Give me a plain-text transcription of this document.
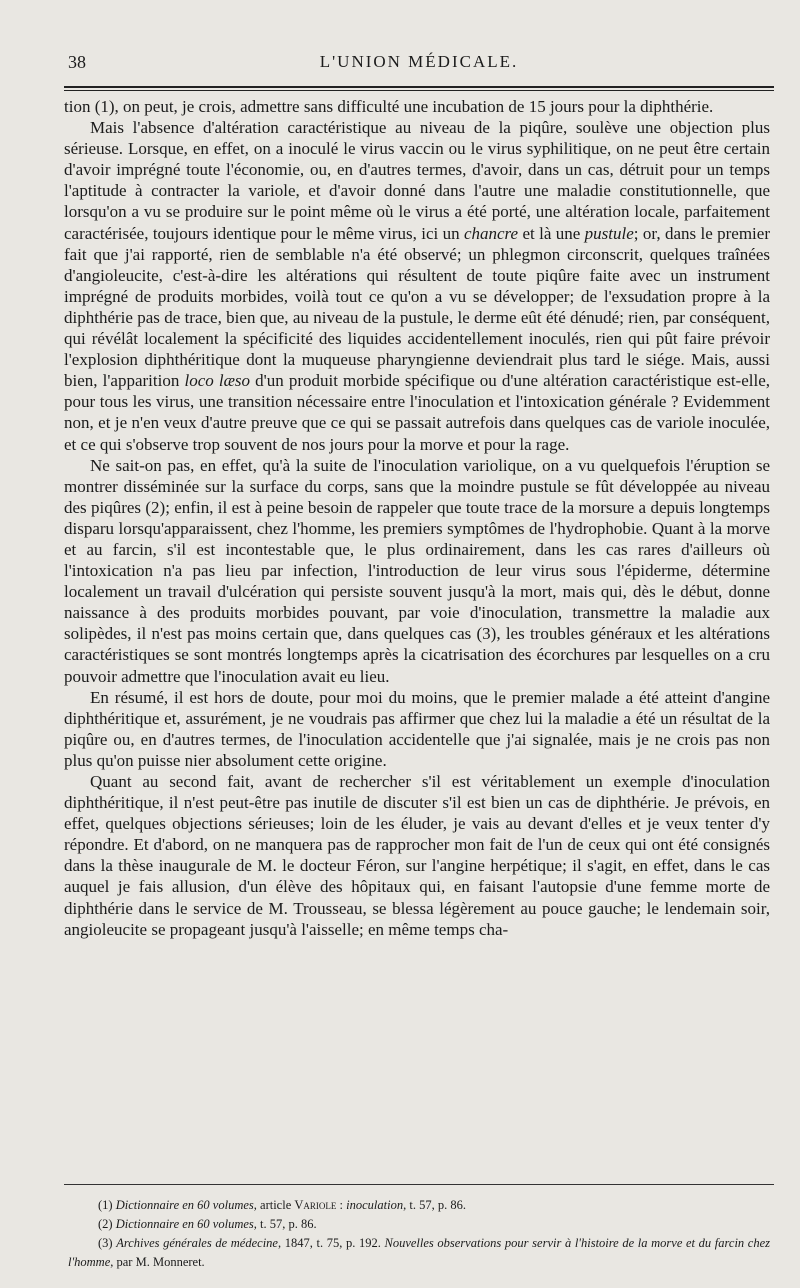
38	L'UNION MÉDICALE.

tion (1), on peut, je crois, admettre sans difficulté une incubation de 15 jours pour la diphthérie.

Mais l'absence d'altération caractéristique au niveau de la piqûre, soulève une objection plus sérieuse. Lorsque, en effet, on a inoculé le virus vaccin ou le virus syphilitique, on ne peut être certain d'avoir imprégné toute l'économie, ou, en d'autres termes, d'avoir, dans un cas, détruit pour un temps l'aptitude à contracter la variole, et d'avoir donné dans l'autre une maladie constitutionnelle, que lorsqu'on a vu se produire sur le point même où le virus a été porté, une altération locale, parfaitement caractérisée, toujours identique pour le même virus, ici un chancre et là une pustule; or, dans le premier fait que j'ai rapporté, rien de semblable n'a été observé; un phlegmon circonscrit, quelques traînées d'angioleucite, c'est-à-dire les altérations qui résultent de toute piqûre faite avec un instrument imprégné de produits morbides, voilà tout ce qu'on a vu se développer; de l'exsudation propre à la diphthérie pas de trace, bien que, au niveau de la pustule, le derme eût été dénudé; rien, par conséquent, qui révélât localement la spécificité des liquides accidentellement inoculés, rien qui pût faire prévoir l'explosion diphthéritique dont la muqueuse pharyngienne deviendrait plus tard le siége. Mais, aussi bien, l'apparition loco læso d'un produit morbide spécifique ou d'une altération caractéristique est-elle, pour tous les virus, une transition nécessaire entre l'inoculation et l'intoxication générale ? Evidemment non, et je n'en veux d'autre preuve que ce qui se passait autrefois dans quelques cas de variole inoculée, et ce qui s'observe trop souvent de nos jours pour la morve et pour la rage.

Ne sait-on pas, en effet, qu'à la suite de l'inoculation variolique, on a vu quelquefois l'éruption se montrer disséminée sur la surface du corps, sans que la moindre pustule se fût développée au niveau des piqûres (2); enfin, il est à peine besoin de rappeler que toute trace de la morsure a depuis longtemps disparu lorsqu'apparaissent, chez l'homme, les premiers symptômes de l'hydrophobie. Quant à la morve et au farcin, s'il est incontestable que, le plus ordinairement, dans les cas rares d'ailleurs où l'intoxication n'a pas lieu par infection, l'introduction de leur virus sous l'épiderme, détermine localement un travail d'ulcération qui persiste souvent jusqu'à la mort, mais qui, dès le début, donne naissance à des produits morbides pouvant, par voie d'inoculation, transmettre la maladie aux solipèdes, il n'est pas moins certain que, dans quelques cas (3), les troubles généraux et les altérations caractéristiques se sont montrés longtemps après la cicatrisation des écorchures par lesquelles on a cru pouvoir admettre que l'inoculation avait eu lieu.

En résumé, il est hors de doute, pour moi du moins, que le premier malade a été atteint d'angine diphthéritique et, assurément, je ne voudrais pas affirmer que chez lui la maladie a été un résultat de la piqûre ou, en d'autres termes, de l'inoculation accidentelle que j'ai signalée, mais je ne crois pas non plus qu'on puisse nier absolument cette origine.

Quant au second fait, avant de rechercher s'il est véritablement un exemple d'inoculation diphthéritique, il n'est peut-être pas inutile de discuter s'il est bien un cas de diphthérie. Je prévois, en effet, quelques objections sérieuses; loin de les éluder, je vais au devant d'elles et je veux tenter d'y répondre. Et d'abord, on ne manquera pas de rapprocher mon fait de l'un de ceux qui ont été consignés dans la thèse inaugurale de M. le docteur Féron, sur l'angine herpétique; il s'agit, en effet, dans le cas auquel je fais allusion, d'un élève des hôpitaux qui, en faisant l'autopsie d'une femme morte de diphthérie dans le service de M. Trousseau, se blessa légèrement au pouce gauche; le lendemain soir, angioleucite se propageant jusqu'à l'aisselle; en même temps cha-

(1) Dictionnaire en 60 volumes, article Variole : inoculation, t. 57, p. 86.

(2) Dictionnaire en 60 volumes, t. 57, p. 86.

(3) Archives générales de médecine, 1847, t. 75, p. 192. Nouvelles observations pour servir à l'histoire de la morve et du farcin chez l'homme, par M. Monneret.
